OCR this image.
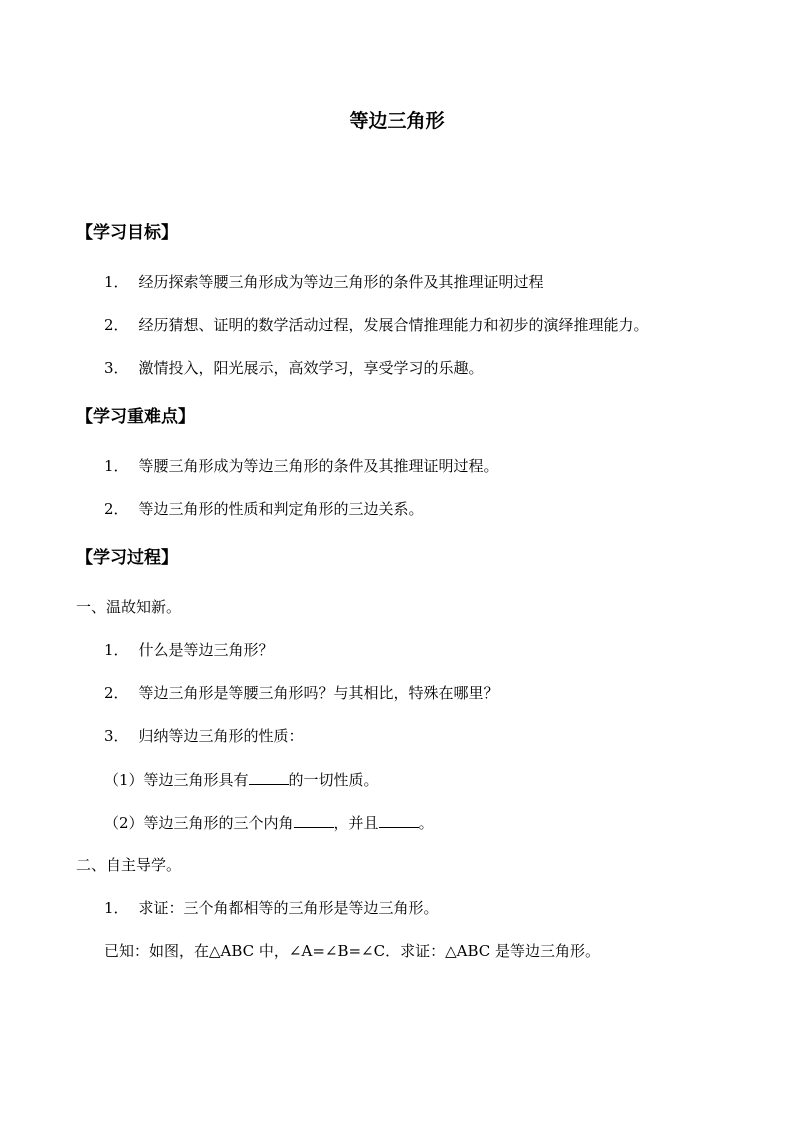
等边三角形
【学习目标】
1． 经历探索等腰三角形成为等边三角形的条件及其推理证明过程
2． 经历猜想、证明的数学活动过程，发展合情推理能力和初步的演绎推理能力。
3． 激情投入，阳光展示，高效学习，享受学习的乐趣。
【学习重难点】
1． 等腰三角形成为等边三角形的条件及其推理证明过程。
2． 等边三角形的性质和判定角形的三边关系。
【学习过程】
一、温故知新。
1． 什么是等边三角形？
2． 等边三角形是等腰三角形吗？与其相比，特殊在哪里？
3． 归纳等边三角形的性质：
（1）等边三角形具有	的一切性质。
（2）等边三角形的三个内角	，并且	。
二、自主导学。
1． 求证：三个角都相等的三角形是等边三角形。
已知：如图，在△ABC 中，∠A=∠B=∠C．求证：△ABC 是等边三角形。
